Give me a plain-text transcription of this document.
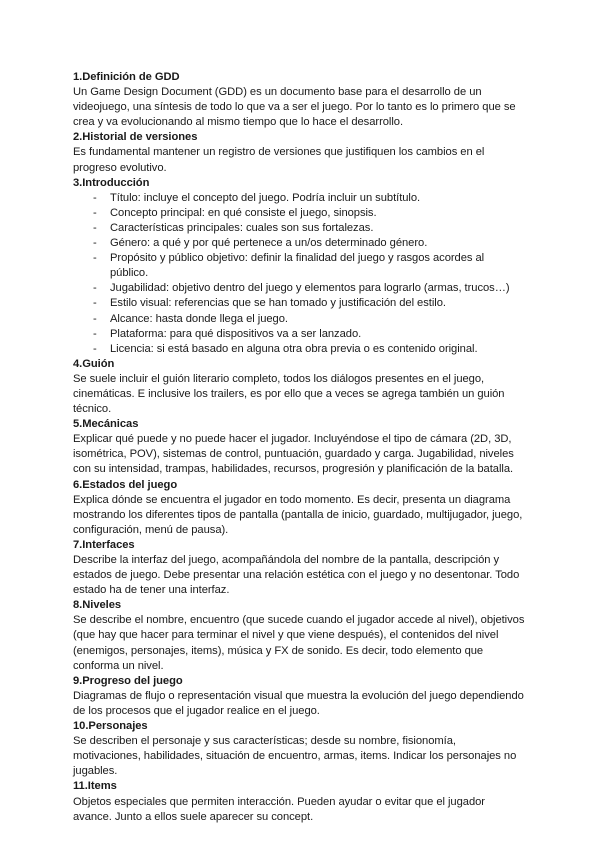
1.Definición de GDD

Un Game Design Document (GDD) es un documento base para el desarrollo de un videojuego, una síntesis de todo lo que va a ser el juego. Por lo tanto es lo primero que se crea y va evolucionando al mismo tiempo que lo hace el desarrollo.

2.Historial de versiones

Es fundamental mantener un registro de versiones que justifiquen los cambios en el progreso evolutivo.

3.Introducción

- Título: incluye el concepto del juego. Podría incluir un subtítulo.
- Concepto principal: en qué consiste el juego, sinopsis.
- Características principales: cuales son sus fortalezas.
- Género: a qué y por qué pertenece a un/os determinado género.
- Propósito y público objetivo: definir la finalidad del juego y rasgos acordes al público.
- Jugabilidad: objetivo dentro del juego y elementos para lograrlo (armas, trucos…)
- Estilo visual: referencias que se han tomado y justificación del estilo.
- Alcance: hasta donde llega el juego.
- Plataforma: para qué dispositivos va a ser lanzado.
- Licencia: si está basado en alguna otra obra previa o es contenido original.

4.Guión

Se suele incluir el guión literario completo, todos los diálogos presentes en el juego, cinemáticas. E inclusive los trailers, es por ello que a veces se agrega también un guión técnico.

5.Mecánicas

Explicar qué puede y no puede hacer el jugador. Incluyéndose el tipo de cámara (2D, 3D, isométrica, POV), sistemas de control, puntuación, guardado y carga. Jugabilidad, niveles con su intensidad, trampas, habilidades, recursos, progresión y planificación de la batalla.

6.Estados del juego

Explica dónde se encuentra el jugador en todo momento. Es decir, presenta un diagrama mostrando los diferentes tipos de pantalla (pantalla de inicio, guardado, multijugador, juego, configuración, menú de pausa).

7.Interfaces

Describe la interfaz del juego, acompañándola del nombre de la pantalla, descripción y estados de juego. Debe presentar una relación estética con el juego y no desentonar. Todo estado ha de tener una interfaz.

8.Niveles

Se describe el nombre, encuentro (que sucede cuando el jugador accede al nivel), objetivos (que hay que hacer para terminar el nivel y que viene después), el contenidos del nivel (enemigos, personajes, items), música y FX de sonido. Es decir, todo elemento que conforma un nivel.

9.Progreso del juego

Diagramas de flujo o representación visual que muestra la evolución del juego dependiendo de los procesos que el jugador realice en el juego.

10.Personajes

Se describen el personaje y sus características; desde su nombre, fisionomía, motivaciones, habilidades, situación de encuentro, armas, items. Indicar los personajes no jugables.

11.Items

Objetos especiales que permiten interacción. Pueden ayudar o evitar que el jugador avance. Junto a ellos suele aparecer su concept.
